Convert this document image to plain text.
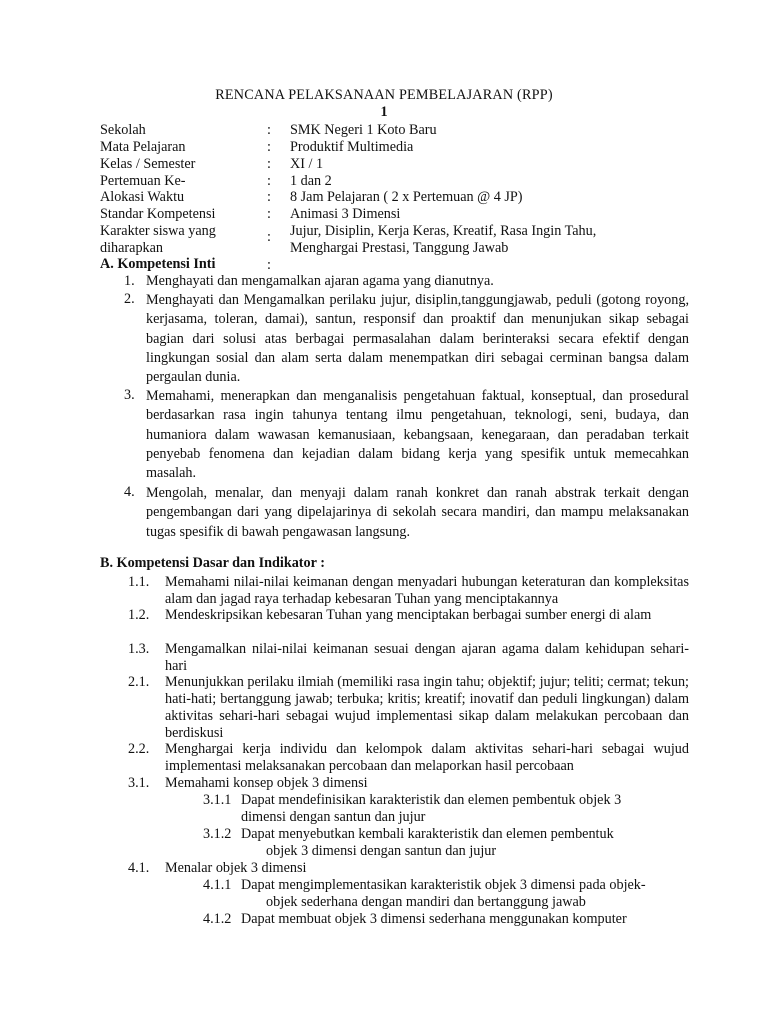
RENCANA PELAKSANAAN PEMBELAJARAN (RPP)
1
Sekolah	: SMK Negeri 1 Koto Baru
Mata Pelajaran	: Produktif Multimedia
Kelas / Semester	: XI / 1
Pertemuan Ke-	: 1 dan 2
Alokasi Waktu	: 8 Jam Pelajaran ( 2 x Pertemuan @ 4 JP)
Standar Kompetensi	: Animasi 3 Dimensi
Karakter siswa yang	: Jujur, Disiplin, Kerja Keras, Kreatif, Rasa Ingin Tahu,
diharapkan	Menghargai Prestasi, Tanggung Jawab
A. Kompetensi Inti	:
1. Menghayati dan mengamalkan ajaran agama yang dianutnya.
2. Menghayati dan Mengamalkan perilaku jujur, disiplin,tanggungjawab, peduli (gotong royong, kerjasama, toleran, damai), santun, responsif dan proaktif dan menunjukan sikap sebagai bagian dari solusi atas berbagai permasalahan dalam berinteraksi secara efektif dengan lingkungan sosial dan alam serta dalam menempatkan diri sebagai cerminan bangsa dalam pergaulan dunia.
3. Memahami, menerapkan dan menganalisis pengetahuan faktual, konseptual, dan prosedural berdasarkan rasa ingin tahunya tentang ilmu pengetahuan, teknologi, seni, budaya, dan humaniora dalam wawasan kemanusiaan, kebangsaan, kenegaraan, dan peradaban terkait penyebab fenomena dan kejadian dalam bidang kerja yang spesifik untuk memecahkan masalah.
4. Mengolah, menalar, dan menyaji dalam ranah konkret dan ranah abstrak terkait dengan pengembangan dari yang dipelajarinya di sekolah secara mandiri, dan mampu melaksanakan tugas spesifik di bawah pengawasan langsung.
B. Kompetensi Dasar dan Indikator :
1.1. Memahami nilai-nilai keimanan dengan menyadari hubungan keteraturan dan kompleksitas alam dan jagad raya terhadap kebesaran Tuhan yang menciptakannya
1.2. Mendeskripsikan kebesaran Tuhan yang menciptakan berbagai sumber energi di alam
1.3. Mengamalkan nilai-nilai keimanan sesuai dengan ajaran agama dalam kehidupan sehari-hari
2.1. Menunjukkan perilaku ilmiah (memiliki rasa ingin tahu; objektif; jujur; teliti; cermat; tekun; hati-hati; bertanggung jawab; terbuka; kritis; kreatif; inovatif dan peduli lingkungan) dalam aktivitas sehari-hari sebagai wujud implementasi sikap dalam melakukan percobaan dan berdiskusi
2.2. Menghargai kerja individu dan kelompok dalam aktivitas sehari-hari sebagai wujud implementasi melaksanakan percobaan dan melaporkan hasil percobaan
3.1. Memahami konsep objek 3 dimensi
3.1.1 Dapat mendefinisikan karakteristik dan elemen pembentuk objek 3
dimensi dengan santun dan jujur
3.1.2 Dapat menyebutkan kembali karakteristik dan elemen pembentuk
objek 3 dimensi dengan santun dan jujur
4.1. Menalar objek 3 dimensi
4.1.1 Dapat mengimplementasikan karakteristik objek 3 dimensi pada objek-
objek sederhana dengan mandiri dan bertanggung jawab
4.1.2 Dapat membuat objek 3 dimensi sederhana menggunakan komputer
